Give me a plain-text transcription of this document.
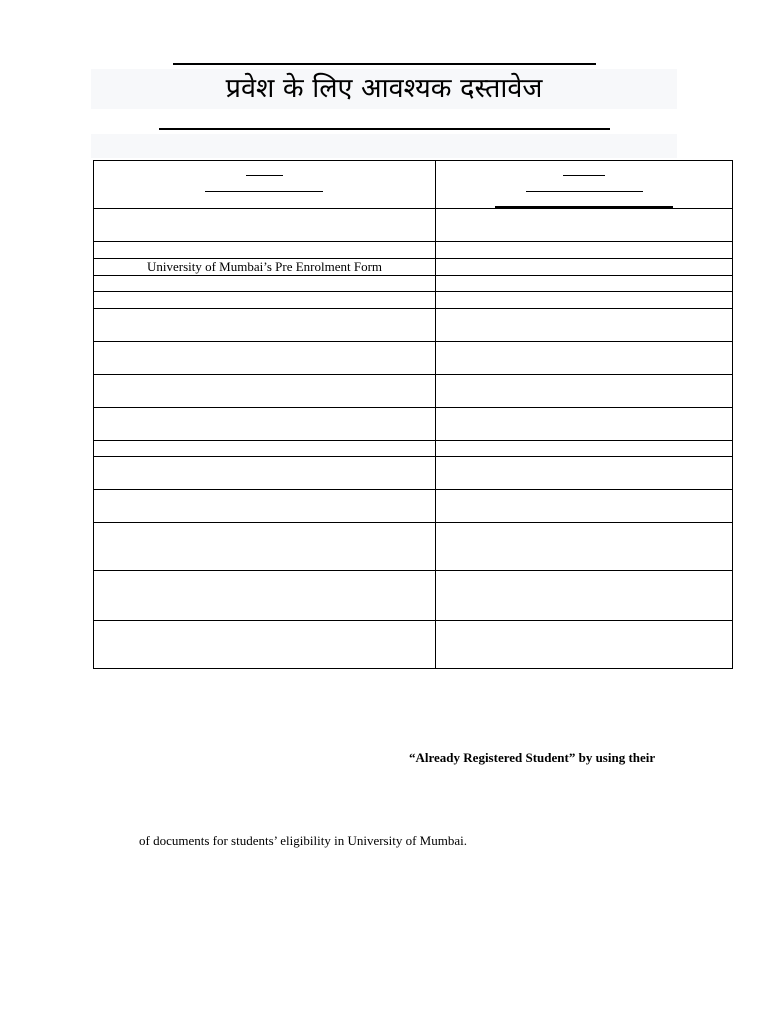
प्रवेश के लिए आवश्यक दस्तावेज

University of Mumbai’s Pre Enrolment Form	

“Already Registered Student” by using their
of documents for students’ eligibility in University of Mumbai.
